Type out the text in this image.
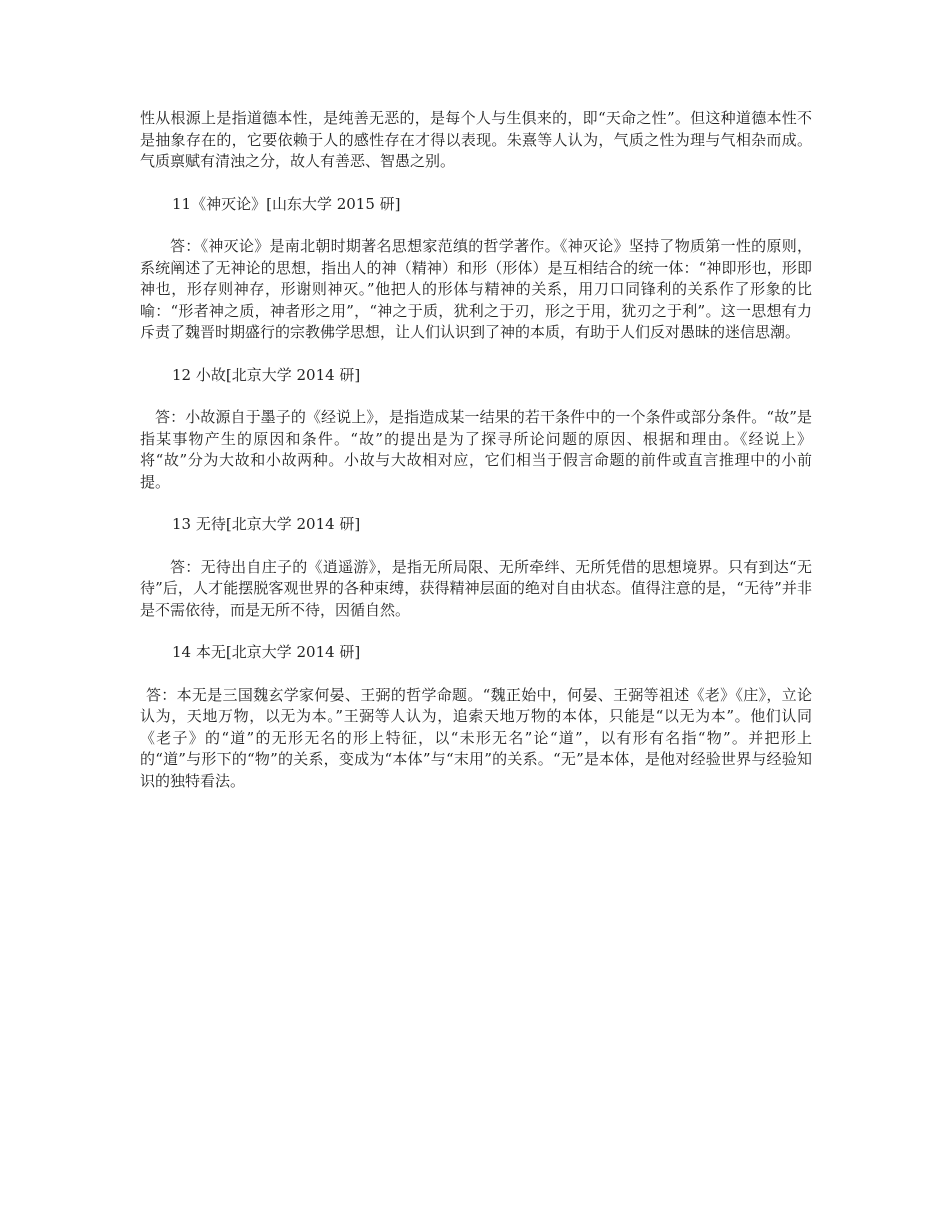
性从根源上是指道德本性，是纯善无恶的，是每个人与生俱来的，即“天命之性”。但这种道德本性不是抽象存在的，它要依赖于人的感性存在才得以表现。朱熹等人认为，气质之性为理与气相杂而成。气质禀赋有清浊之分，故人有善恶、智愚之别。

11《神灭论》[山东大学 2015 研]

答：《神灭论》是南北朝时期著名思想家范缜的哲学著作。《神灭论》坚持了物质第一性的原则，系统阐述了无神论的思想，指出人的神（精神）和形（形体）是互相结合的统一体：“神即形也，形即神也，形存则神存，形谢则神灭。”他把人的形体与精神的关系，用刀口同锋利的关系作了形象的比喻：“形者神之质，神者形之用”，“神之于质，犹利之于刃，形之于用，犹刃之于利”。这一思想有力斥责了魏晋时期盛行的宗教佛学思想，让人们认识到了神的本质，有助于人们反对愚昧的迷信思潮。

12 小故[北京大学 2014 研]

答：小故源自于墨子的《经说上》，是指造成某一结果的若干条件中的一个条件或部分条件。“故”是指某事物产生的原因和条件。“故”的提出是为了探寻所论问题的原因、根据和理由。《经说上》将“故”分为大故和小故两种。小故与大故相对应，它们相当于假言命题的前件或直言推理中的小前提。

13 无待[北京大学 2014 研]

答：无待出自庄子的《逍遥游》，是指无所局限、无所牵绊、无所凭借的思想境界。只有到达“无待”后，人才能摆脱客观世界的各种束缚，获得精神层面的绝对自由状态。值得注意的是，“无待”并非是不需依待，而是无所不待，因循自然。

14 本无[北京大学 2014 研]

答：本无是三国魏玄学家何晏、王弼的哲学命题。“魏正始中，何晏、王弼等祖述《老》《庄》，立论认为，天地万物，以无为本。”王弼等人认为，追索天地万物的本体，只能是“以无为本”。他们认同《老子》的“道”的无形无名的形上特征，以“未形无名”论“道”，以有形有名指“物”。并把形上的“道”与形下的“物”的关系，变成为“本体”与“末用”的关系。“无”是本体，是他对经验世界与经验知识的独特看法。
